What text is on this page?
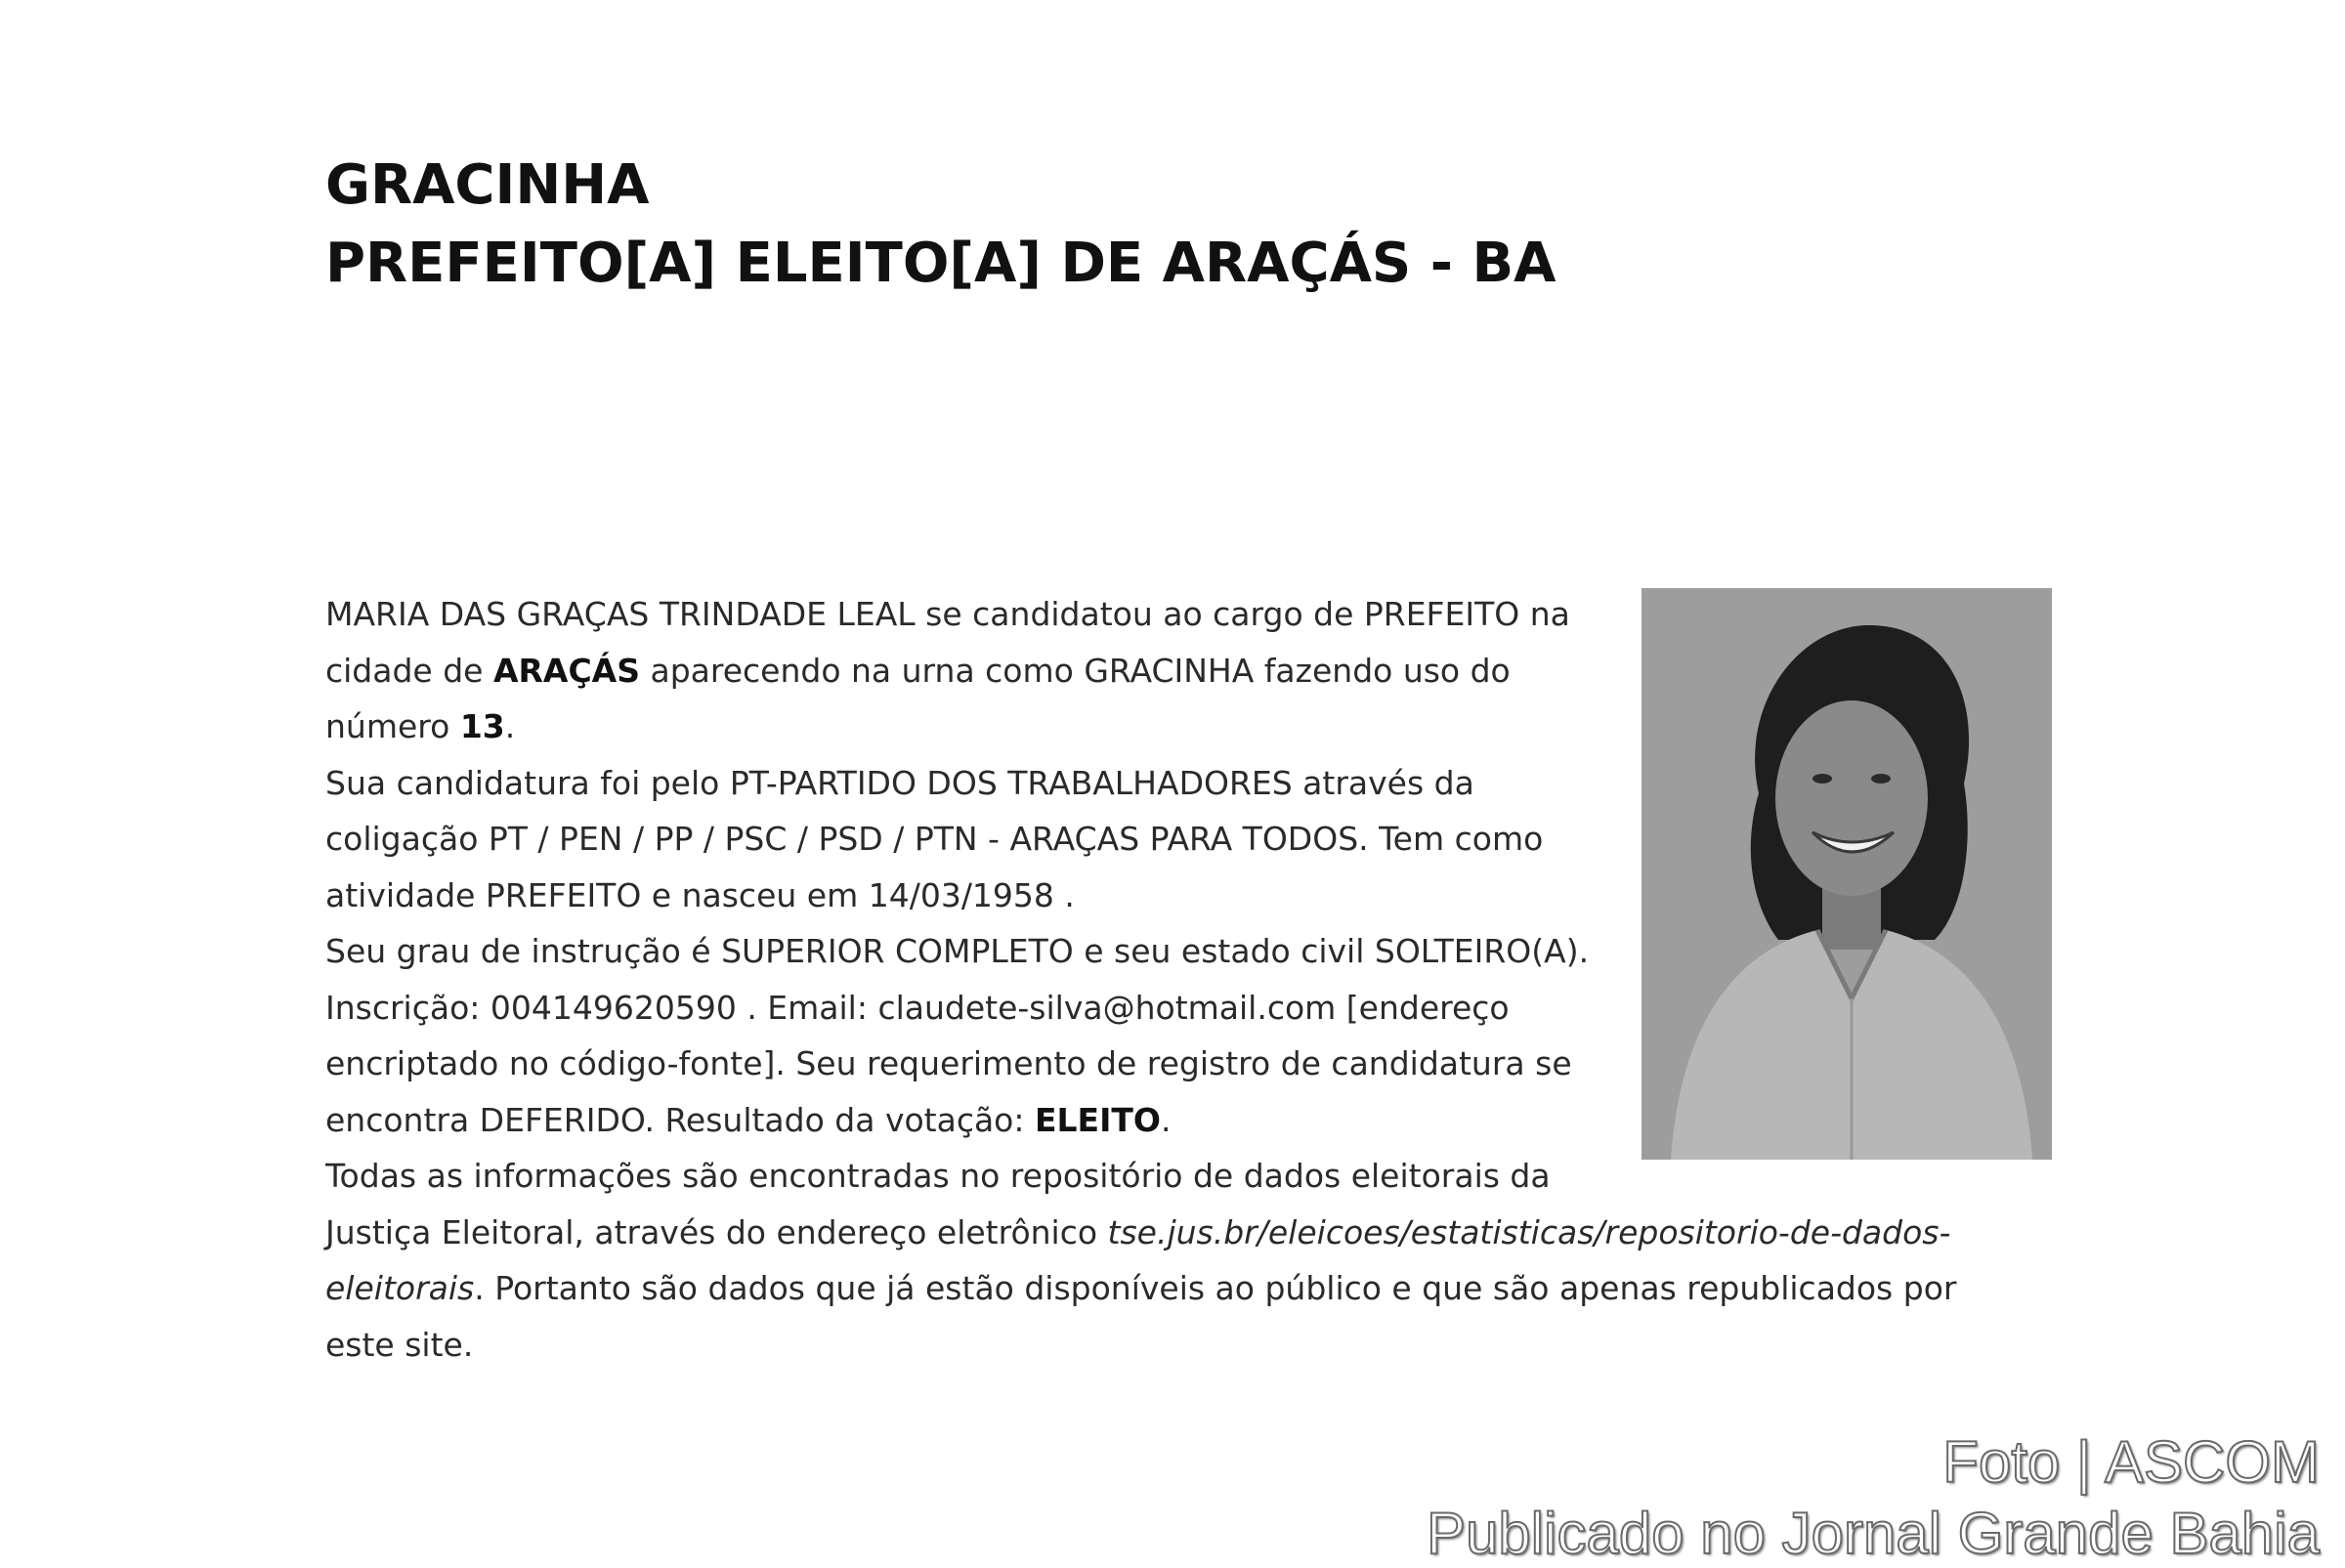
GRACINHA
PREFEITO[A] ELEITO[A] DE ARAÇÁS - BA
MARIA DAS GRAÇAS TRINDADE LEAL se candidatou ao cargo de PREFEITO na
cidade de ARAÇÁS aparecendo na urna como GRACINHA fazendo uso do
número 13.
Sua candidatura foi pelo PT-PARTIDO DOS TRABALHADORES através da
coligação PT / PEN / PP / PSC / PSD / PTN - ARAÇAS PARA TODOS. Tem como
atividade PREFEITO e nasceu em 14/03/1958 .
Seu grau de instrução é SUPERIOR COMPLETO e seu estado civil SOLTEIRO(A).
Inscrição: 004149620590 . Email: claudete-silva@hotmail.com [endereço
encriptado no código-fonte]. Seu requerimento de registro de candidatura se
encontra DEFERIDO. Resultado da votação: ELEITO.
Todas as informações são encontradas no repositório de dados eleitorais da
Justiça Eleitoral, através do endereço eletrônico tse.jus.br/eleicoes/estatisticas/repositorio-de-dados-
eleitorais. Portanto são dados que já estão disponíveis ao público e que são apenas republicados por
este site.
Foto | ASCOM
Publicado no Jornal Grande Bahia
